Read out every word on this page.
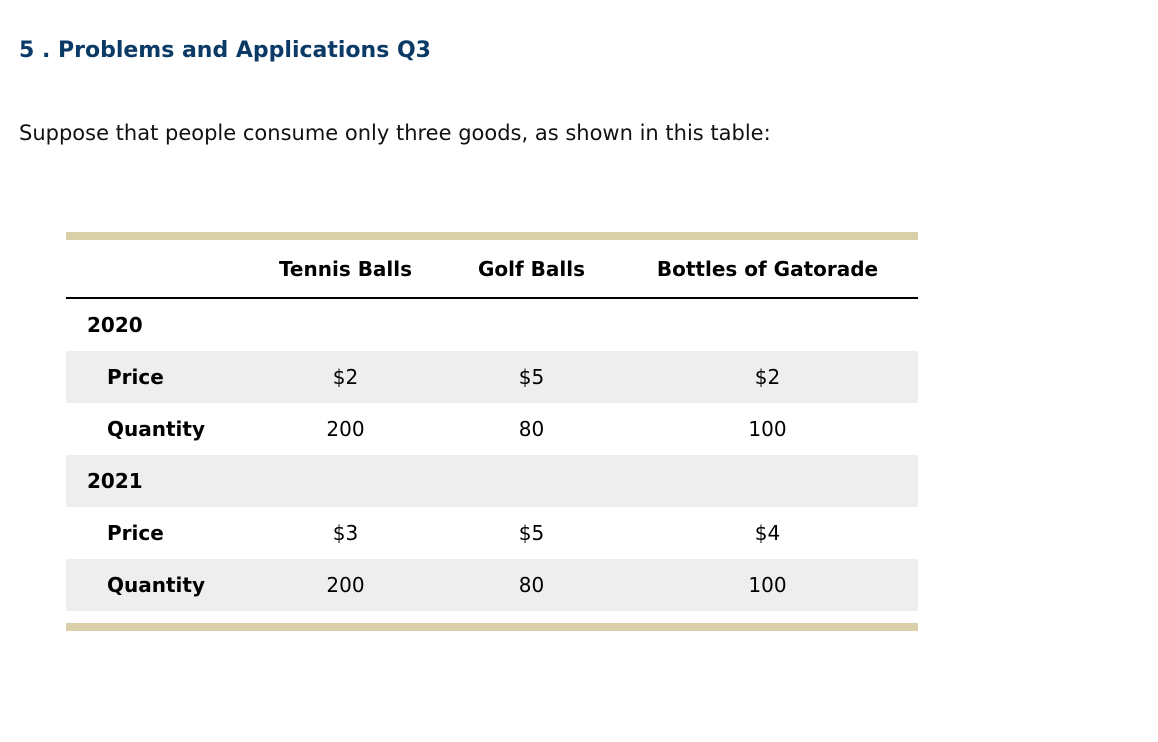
5 . Problems and Applications Q3

Suppose that people consume only three goods, as shown in this table:

	Tennis Balls	Golf Balls	Bottles of Gatorade
2020			
Price	$2	$5	$2
Quantity	200	80	100
2021			
Price	$3	$5	$4
Quantity	200	80	100
